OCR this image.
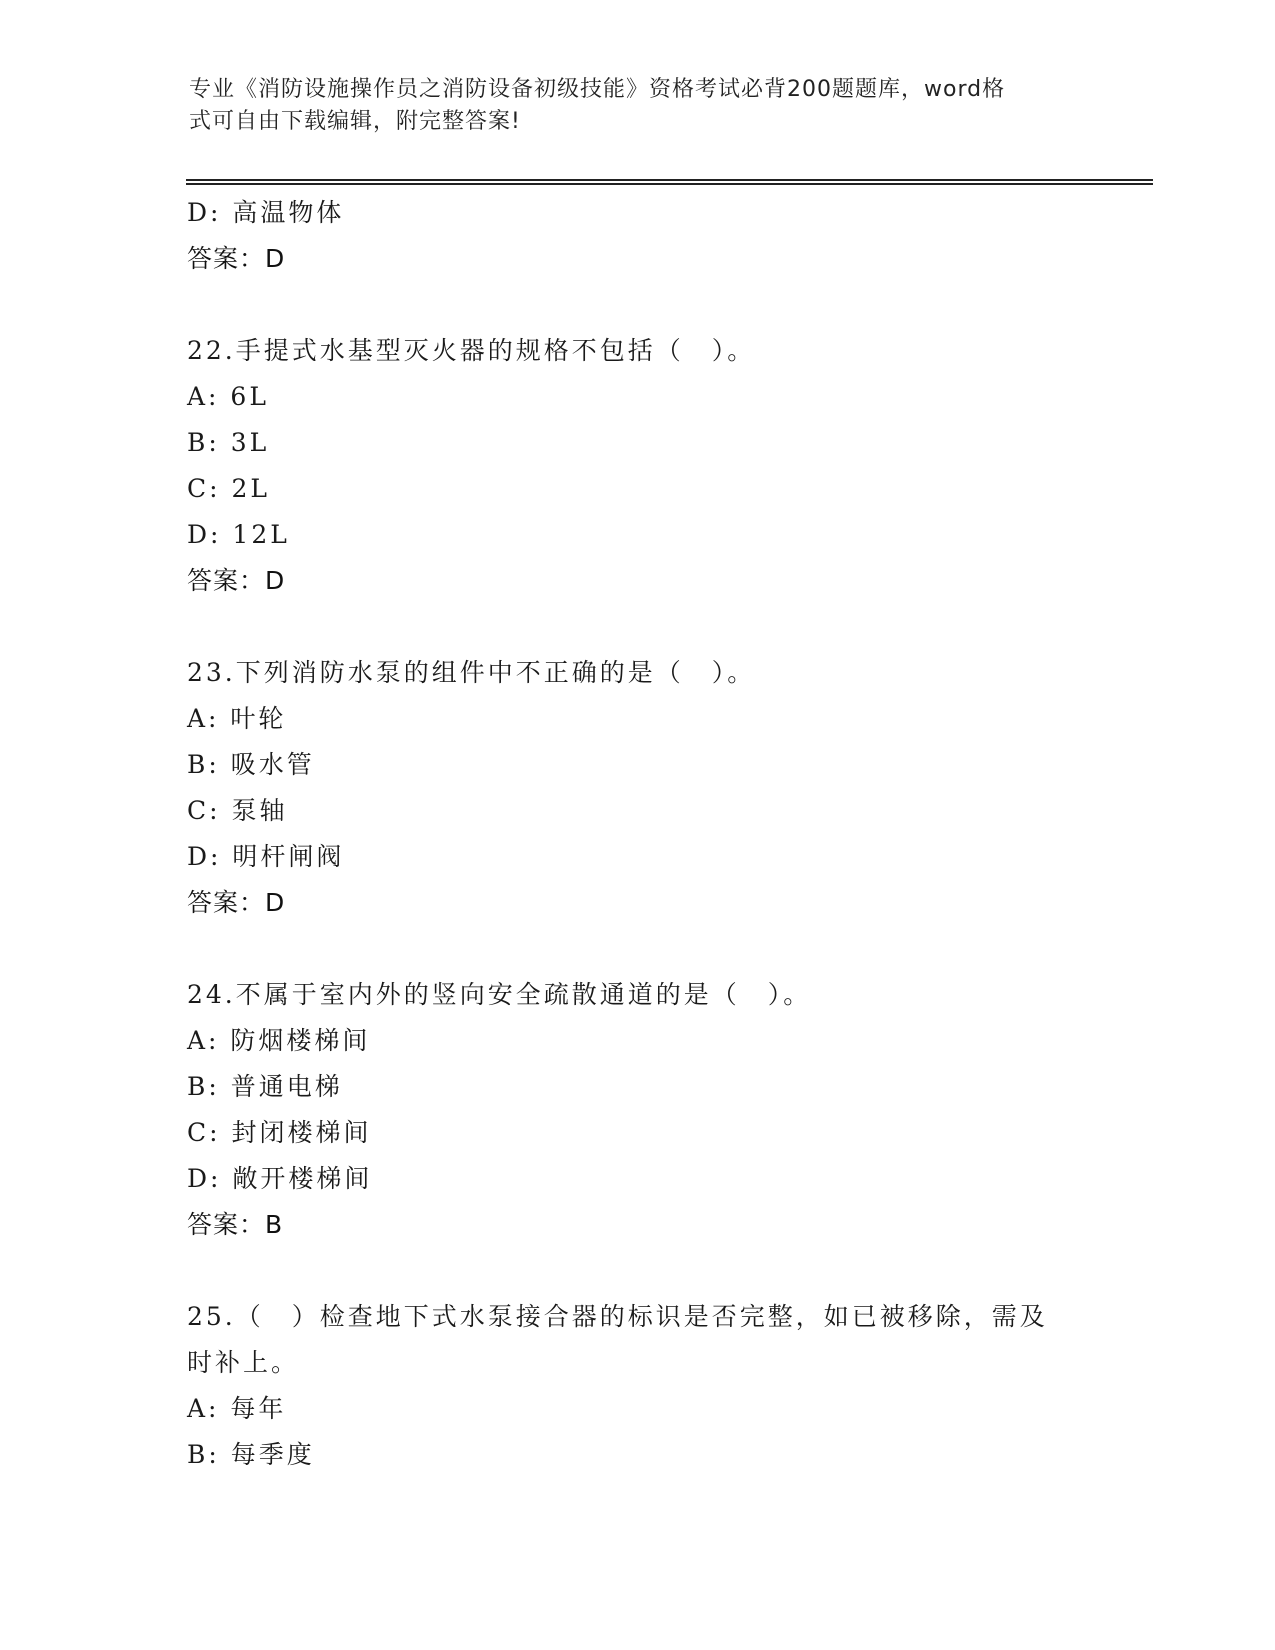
专业《消防设施操作员之消防设备初级技能》资格考试必背200题题库，word格
式可自由下载编辑，附完整答案!
D: 高温物体
答案：D
22.手提式水基型灭火器的规格不包括（　）。
A: 6L
B: 3L
C: 2L
D: 12L
答案：D
23.下列消防水泵的组件中不正确的是（　）。
A: 叶轮
B: 吸水管
C: 泵轴
D: 明杆闸阀
答案：D
24.不属于室内外的竖向安全疏散通道的是（　）。
A: 防烟楼梯间
B: 普通电梯
C: 封闭楼梯间
D: 敞开楼梯间
答案：B
25.（　）检查地下式水泵接合器的标识是否完整，如已被移除，需及时补上。
A: 每年
B: 每季度
